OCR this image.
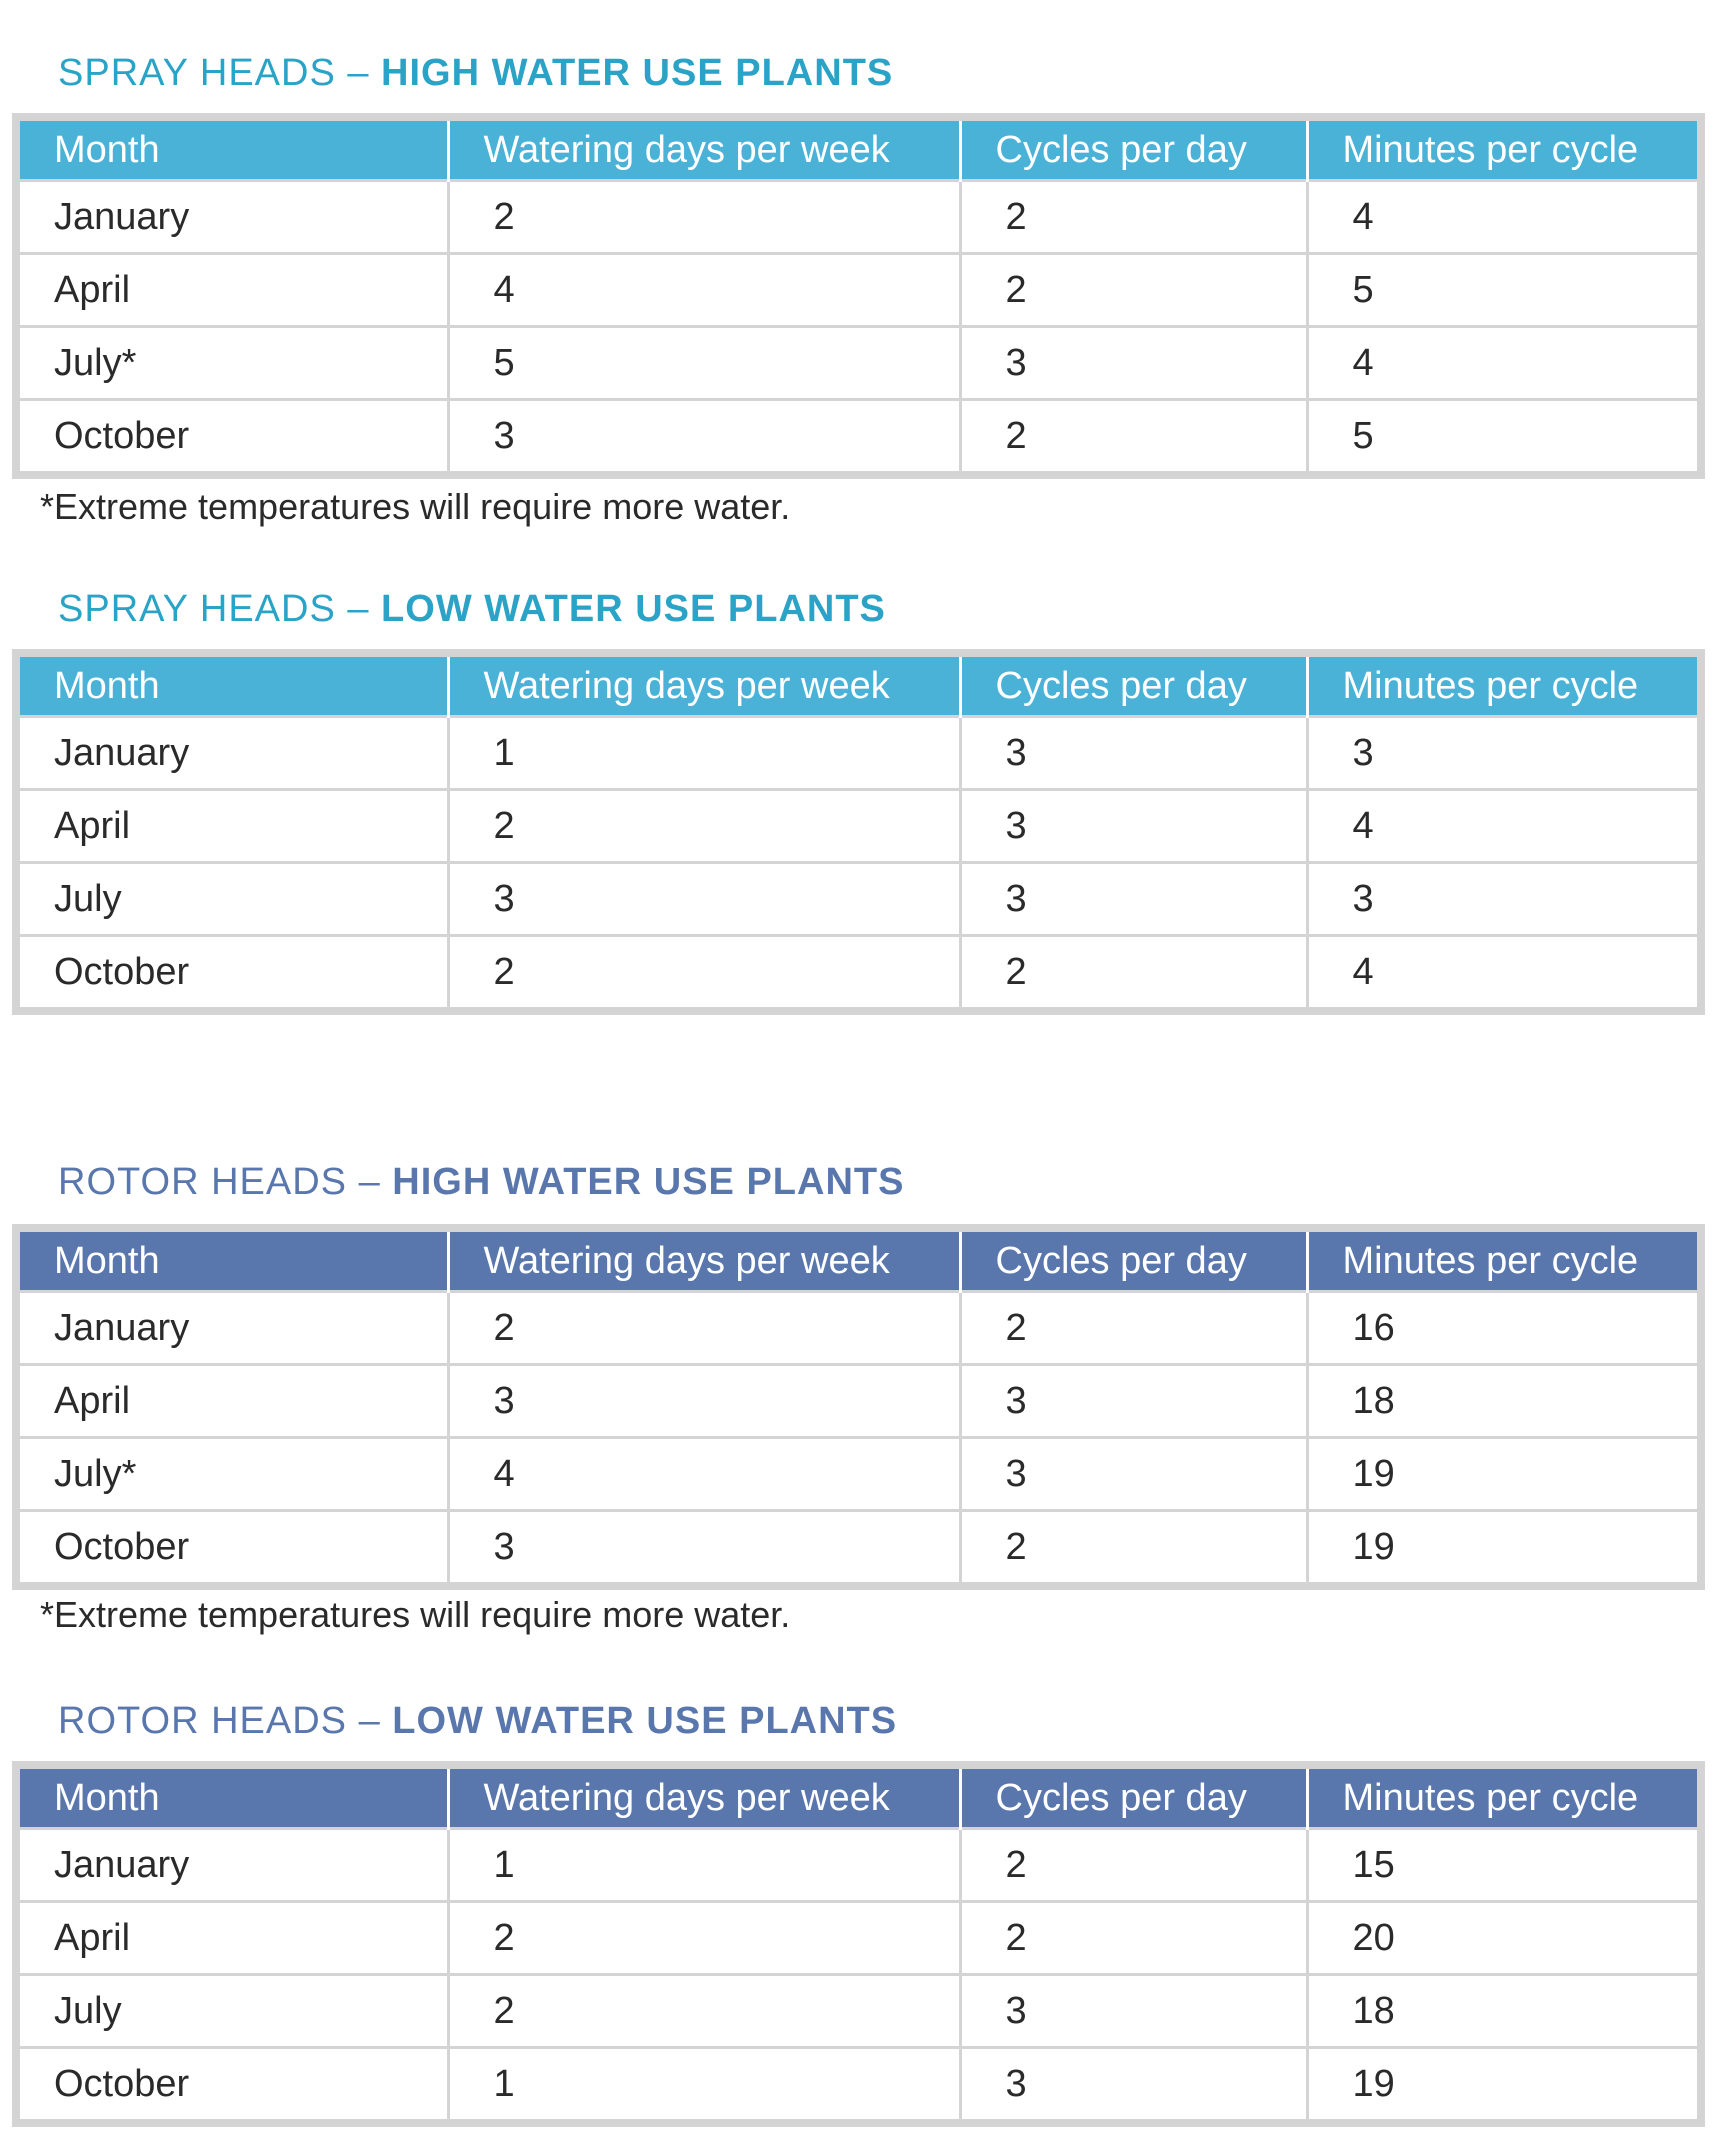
SPRAY HEADS – HIGH WATER USE PLANTS
Month	Watering days per week	Cycles per day	Minutes per cycle
January	2	2	4
April	4	2	5
July*	5	3	4
October	3	2	5
*Extreme temperatures will require more water.
SPRAY HEADS – LOW WATER USE PLANTS
Month	Watering days per week	Cycles per day	Minutes per cycle
January	1	3	3
April	2	3	4
July	3	3	3
October	2	2	4
ROTOR HEADS – HIGH WATER USE PLANTS
Month	Watering days per week	Cycles per day	Minutes per cycle
January	2	2	16
April	3	3	18
July*	4	3	19
October	3	2	19
*Extreme temperatures will require more water.
ROTOR HEADS – LOW WATER USE PLANTS
Month	Watering days per week	Cycles per day	Minutes per cycle
January	1	2	15
April	2	2	20
July	2	3	18
October	1	3	19
